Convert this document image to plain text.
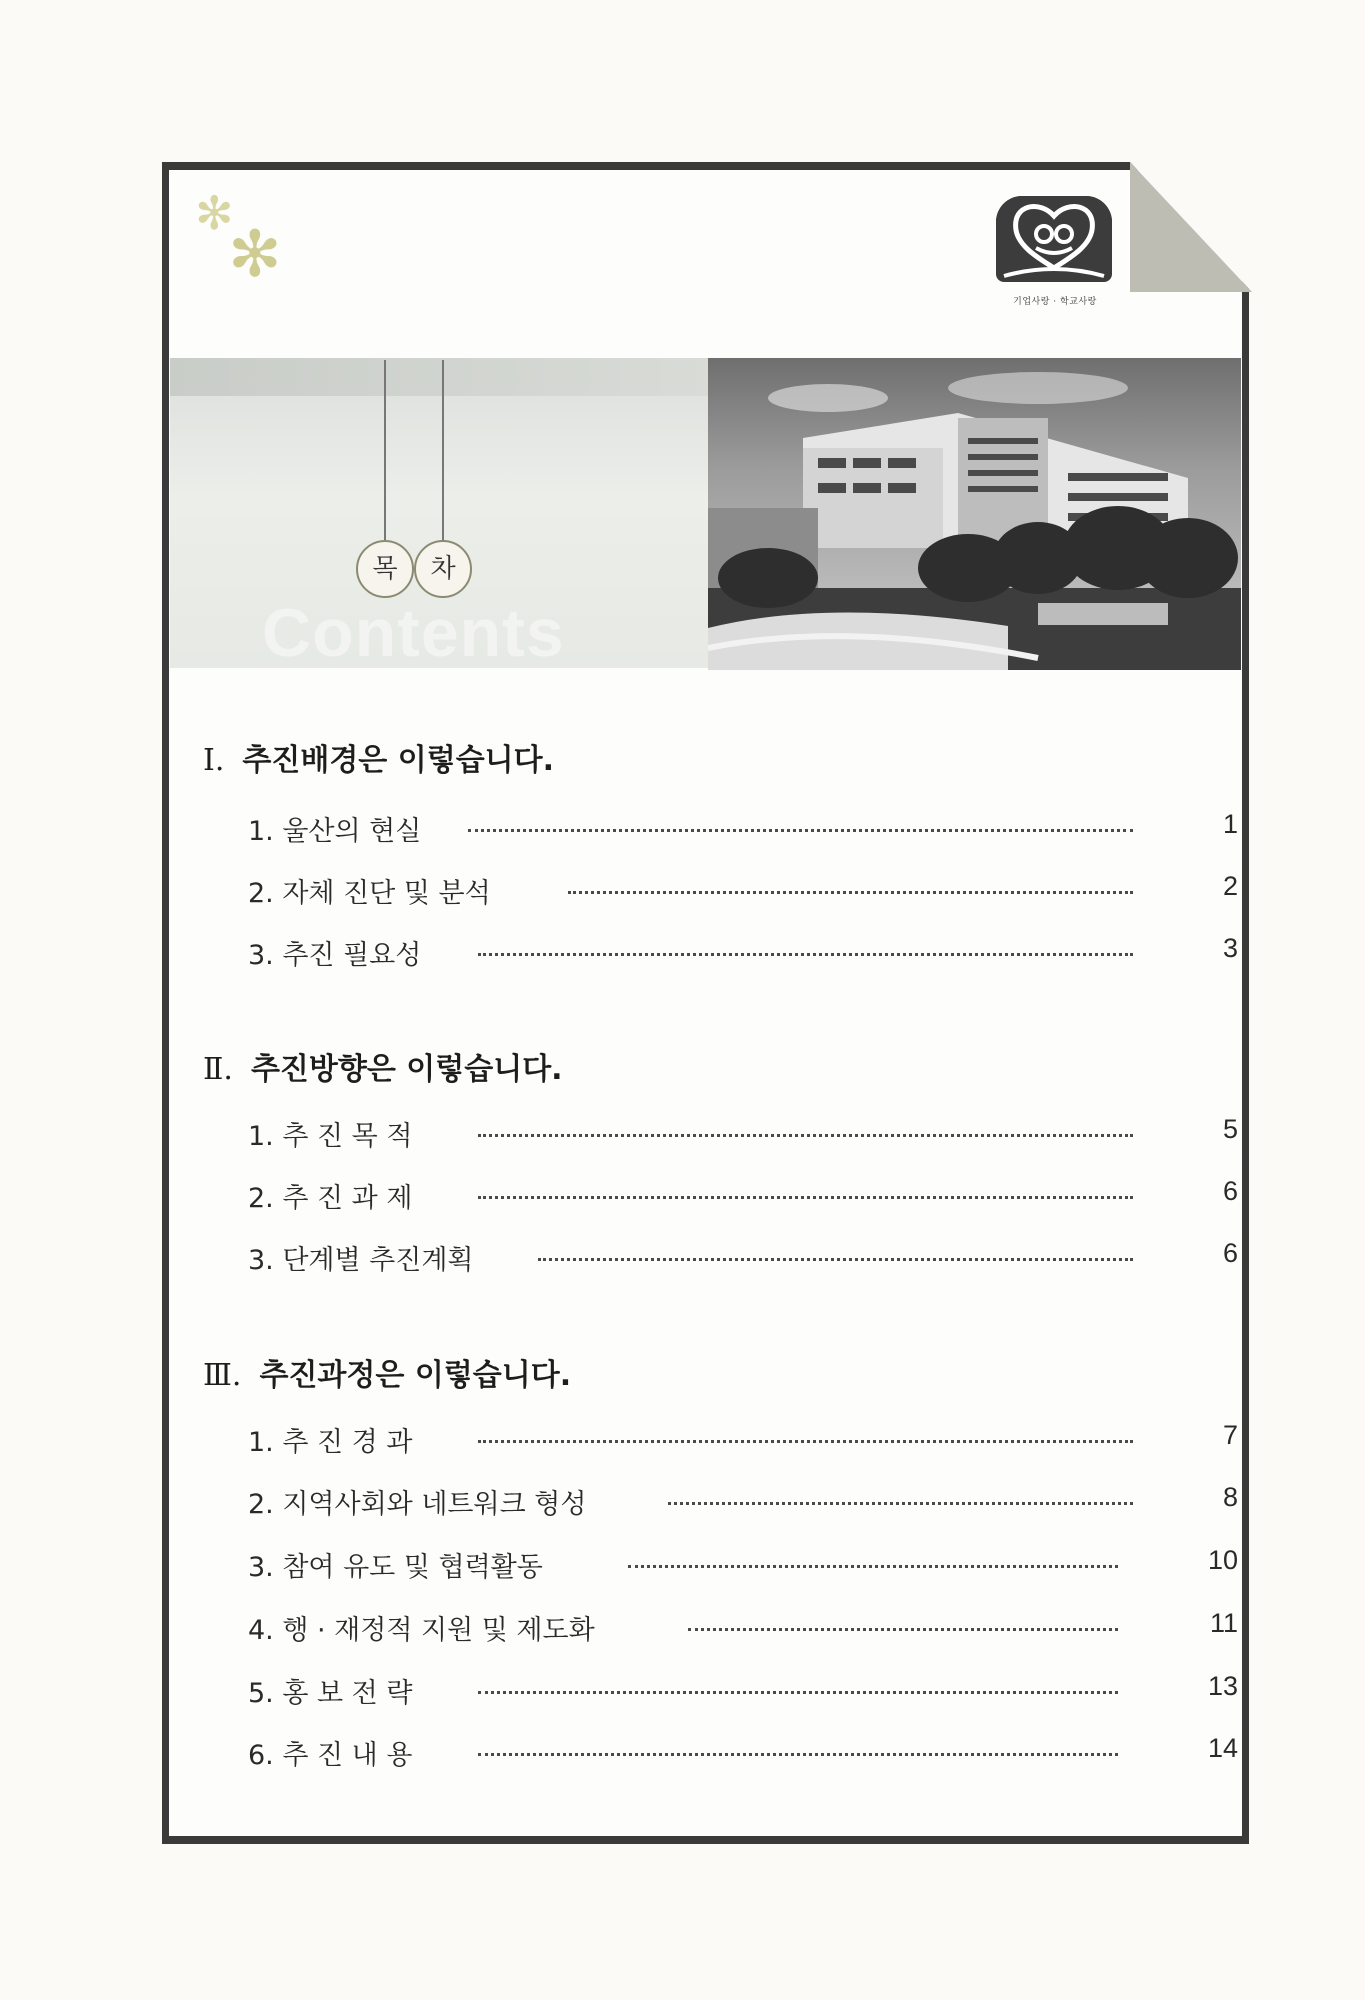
✻
✻
기업사랑 · 학교사랑
목	차
Contents
Ⅰ. 추진배경은 이렇습니다.
1. 울산의 현실	1
2. 자체 진단 및 분석	2
3. 추진 필요성	3
Ⅱ. 추진방향은 이렇습니다.
1. 추 진 목 적	5
2. 추 진 과 제	6
3. 단계별 추진계획	6
Ⅲ. 추진과정은 이렇습니다.
1. 추 진 경 과	7
2. 지역사회와 네트워크 형성	8
3. 참여 유도 및 협력활동	10
4. 행 · 재정적 지원 및 제도화	11
5. 홍 보 전 략	13
6. 추 진 내 용	14
